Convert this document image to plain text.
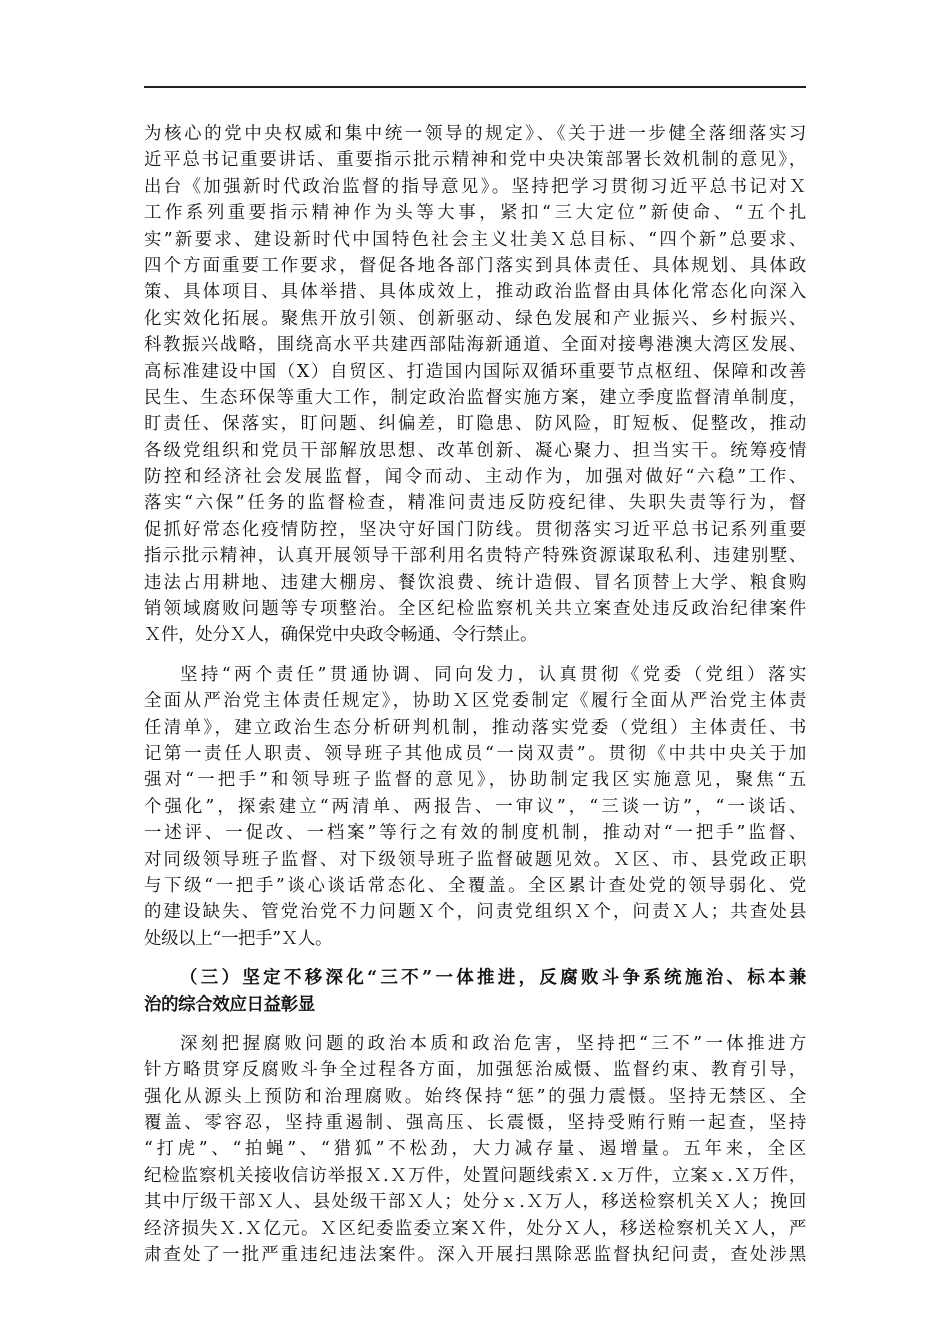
为核心的党中央权威和集中统一领导的规定》、《关于进一步健全落细落实习
近平总书记重要讲话、重要指示批示精神和党中央决策部署长效机制的意见》，
出台《加强新时代政治监督的指导意见》。坚持把学习贯彻习近平总书记对Ｘ
工作系列重要指示精神作为头等大事，紧扣“三大定位”新使命、“五个扎
实”新要求、建设新时代中国特色社会主义壮美Ｘ总目标、“四个新”总要求、
四个方面重要工作要求，督促各地各部门落实到具体责任、具体规划、具体政
策、具体项目、具体举措、具体成效上，推动政治监督由具体化常态化向深入
化实效化拓展。聚焦开放引领、创新驱动、绿色发展和产业振兴、乡村振兴、
科教振兴战略，围绕高水平共建西部陆海新通道、全面对接粤港澳大湾区发展、
高标准建设中国（X）自贸区、打造国内国际双循环重要节点枢纽、保障和改善
民生、生态环保等重大工作，制定政治监督实施方案，建立季度监督清单制度，
盯责任、保落实，盯问题、纠偏差，盯隐患、防风险，盯短板、促整改，推动
各级党组织和党员干部解放思想、改革创新、凝心聚力、担当实干。统筹疫情
防控和经济社会发展监督，闻令而动、主动作为，加强对做好“六稳”工作、
落实“六保”任务的监督检查，精准问责违反防疫纪律、失职失责等行为，督
促抓好常态化疫情防控，坚决守好国门防线。贯彻落实习近平总书记系列重要
指示批示精神，认真开展领导干部利用名贵特产特殊资源谋取私利、违建别墅、
违法占用耕地、违建大棚房、餐饮浪费、统计造假、冒名顶替上大学、粮食购
销领域腐败问题等专项整治。全区纪检监察机关共立案查处违反政治纪律案件
Ｘ件，处分Ｘ人，确保党中央政令畅通、令行禁止。
坚持“两个责任”贯通协调、同向发力，认真贯彻《党委（党组）落实
全面从严治党主体责任规定》，协助Ｘ区党委制定《履行全面从严治党主体责
任清单》，建立政治生态分析研判机制，推动落实党委（党组）主体责任、书
记第一责任人职责、领导班子其他成员“一岗双责”。贯彻《中共中央关于加
强对“一把手”和领导班子监督的意见》，协助制定我区实施意见，聚焦“五
个强化”，探索建立“两清单、两报告、一审议”，“三谈一访”，“一谈话、
一述评、一促改、一档案”等行之有效的制度机制，推动对“一把手”监督、
对同级领导班子监督、对下级领导班子监督破题见效。Ｘ区、市、县党政正职
与下级“一把手”谈心谈话常态化、全覆盖。全区累计查处党的领导弱化、党
的建设缺失、管党治党不力问题Ｘ个，问责党组织Ｘ个，问责Ｘ人；共查处县
处级以上“一把手”Ｘ人。
（三）坚定不移深化“三不”一体推进，反腐败斗争系统施治、标本兼
治的综合效应日益彰显
深刻把握腐败问题的政治本质和政治危害，坚持把“三不”一体推进方
针方略贯穿反腐败斗争全过程各方面，加强惩治威慑、监督约束、教育引导，
强化从源头上预防和治理腐败。始终保持“惩”的强力震慑。坚持无禁区、全
覆盖、零容忍，坚持重遏制、强高压、长震慑，坚持受贿行贿一起查，坚持
“打虎”、“拍蝇”、“猎狐”不松劲，大力减存量、遏增量。五年来，全区
纪检监察机关接收信访举报Ｘ.Ｘ万件，处置问题线索Ｘ.ｘ万件，立案ｘ.Ｘ万件，
其中厅级干部Ｘ人、县处级干部Ｘ人；处分ｘ.Ｘ万人，移送检察机关Ｘ人；挽回
经济损失Ｘ.Ｘ亿元。Ｘ区纪委监委立案Ｘ件，处分Ｘ人，移送检察机关Ｘ人，严
肃查处了一批严重违纪违法案件。深入开展扫黑除恶监督执纪问责，查处涉黑
